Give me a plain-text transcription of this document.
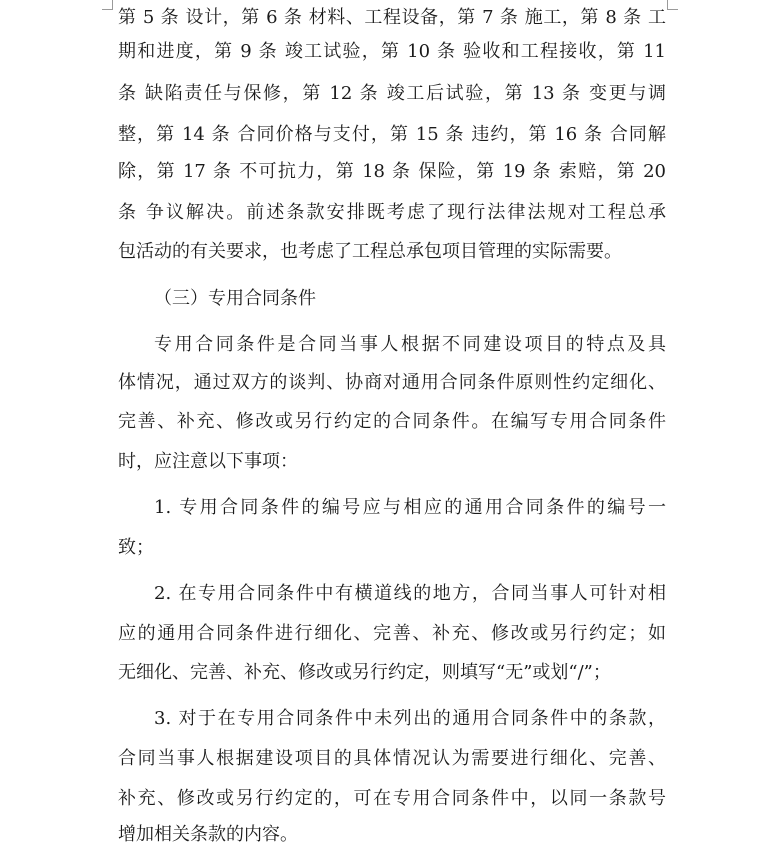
第 5 条 设计，第 6 条 材料、工程设备，第 7 条 施工，第 8 条 工
期和进度，第 9 条 竣工试验，第 10 条 验收和工程接收，第 11
条 缺陷责任与保修，第 12 条 竣工后试验，第 13 条 变更与调
整，第 14 条 合同价格与支付，第 15 条 违约，第 16 条 合同解
除，第 17 条 不可抗力，第 18 条 保险，第 19 条 索赔，第 20
条 争议解决。前述条款安排既考虑了现行法律法规对工程总承
包活动的有关要求，也考虑了工程总承包项目管理的实际需要。
（三）专用合同条件
专用合同条件是合同当事人根据不同建设项目的特点及具
体情况，通过双方的谈判、协商对通用合同条件原则性约定细化、
完善、补充、修改或另行约定的合同条件。在编写专用合同条件
时，应注意以下事项：
1. 专用合同条件的编号应与相应的通用合同条件的编号一
致；
2. 在专用合同条件中有横道线的地方，合同当事人可针对相
应的通用合同条件进行细化、完善、补充、修改或另行约定；如
无细化、完善、补充、修改或另行约定，则填写“无”或划“/”；
3. 对于在专用合同条件中未列出的通用合同条件中的条款，
合同当事人根据建设项目的具体情况认为需要进行细化、完善、
补充、修改或另行约定的，可在专用合同条件中，以同一条款号
增加相关条款的内容。
